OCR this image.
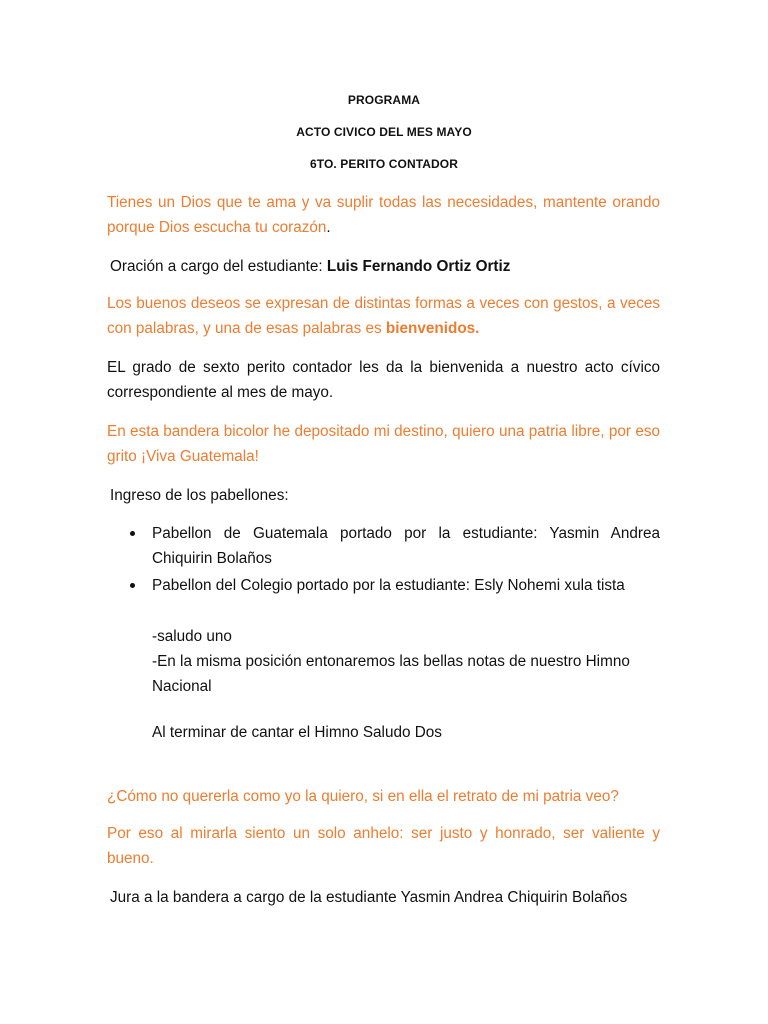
PROGRAMA
ACTO CIVICO DEL MES MAYO
6TO. PERITO CONTADOR

Tienes un Dios que te ama y va suplir todas las necesidades, mantente orando porque Dios escucha tu corazón.

Oración a cargo del estudiante: Luis Fernando Ortiz Ortiz

Los buenos deseos se expresan de distintas formas a veces con gestos, a veces con palabras, y una de esas palabras es bienvenidos.

EL grado de sexto perito contador les da la bienvenida a nuestro acto cívico correspondiente al mes de mayo.

En esta bandera bicolor he depositado mi destino, quiero una patria libre, por eso grito ¡Viva Guatemala!

Ingreso de los pabellones:

Pabellon de Guatemala portado por la estudiante: Yasmin Andrea Chiquirin Bolaños
Pabellon del Colegio portado por la estudiante: Esly Nohemi xula tista
-saludo uno
-En la misma posición entonaremos las bellas notas de nuestro Himno Nacional
Al terminar de cantar el Himno Saludo Dos

¿Cómo no quererla como yo la quiero, si en ella el retrato de mi patria veo?

Por eso al mirarla siento un solo anhelo: ser justo y honrado, ser valiente y bueno.

Jura a la bandera a cargo de la estudiante Yasmin Andrea Chiquirin Bolaños
